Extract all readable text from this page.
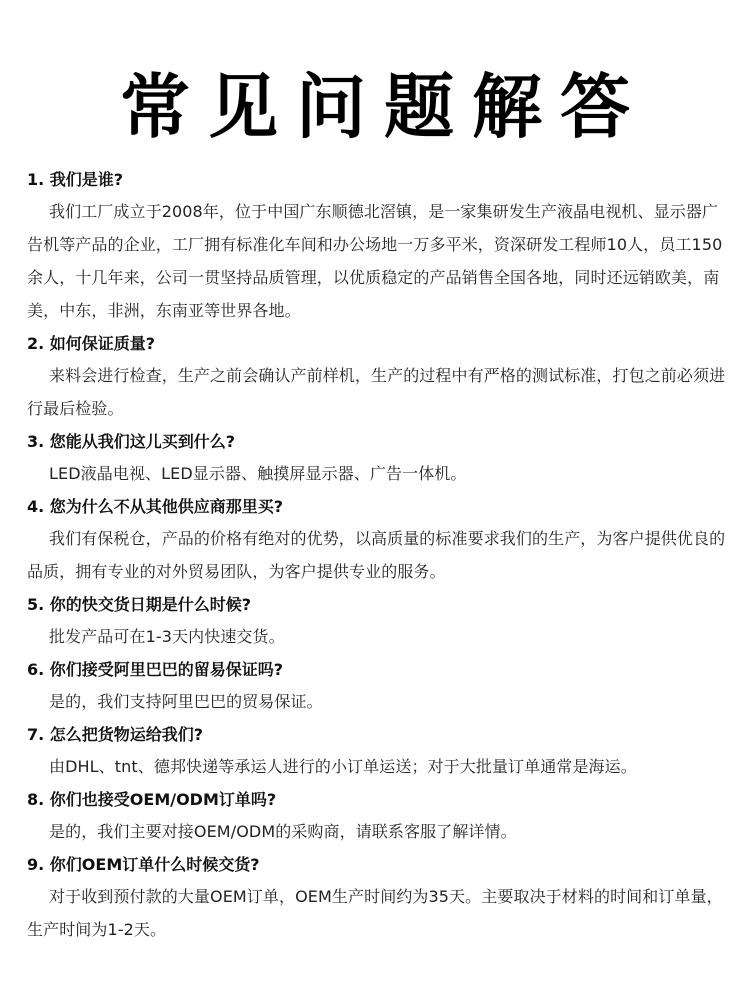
常见问题解答
1. 我们是谁?
我们工厂成立于2008年，位于中国广东顺德北滘镇，是一家集研发生产液晶电视机、显示器广告机等产品的企业，工厂拥有标准化车间和办公场地一万多平米，资深研发工程师10人，员工150余人，十几年来，公司一贯坚持品质管理，以优质稳定的产品销售全国各地，同时还远销欧美，南美，中东，非洲，东南亚等世界各地。
2. 如何保证质量?
来料会进行检查，生产之前会确认产前样机，生产的过程中有严格的测试标准，打包之前必须进行最后检验。
3. 您能从我们这儿买到什么?
LED液晶电视、LED显示器、触摸屏显示器、广告一体机。
4. 您为什么不从其他供应商那里买?
我们有保税仓，产品的价格有绝对的优势，以高质量的标准要求我们的生产，为客户提供优良的品质，拥有专业的对外贸易团队，为客户提供专业的服务。
5. 你的快交货日期是什么时候?
批发产品可在1-3天内快速交货。
6. 你们接受阿里巴巴的留易保证吗?
是的，我们支持阿里巴巴的贸易保证。
7. 怎么把货物运给我们?
由DHL、tnt、德邦快递等承运人进行的小订单运送；对于大批量订单通常是海运。
8. 你们也接受OEM/ODM订单吗?
是的，我们主要对接OEM/ODM的采购商，请联系客服了解详情。
9. 你们OEM订单什么时候交货?
对于收到预付款的大量OEM订单，OEM生产时间约为35天。主要取决于材料的时间和订单量，生产时间为1-2天。
